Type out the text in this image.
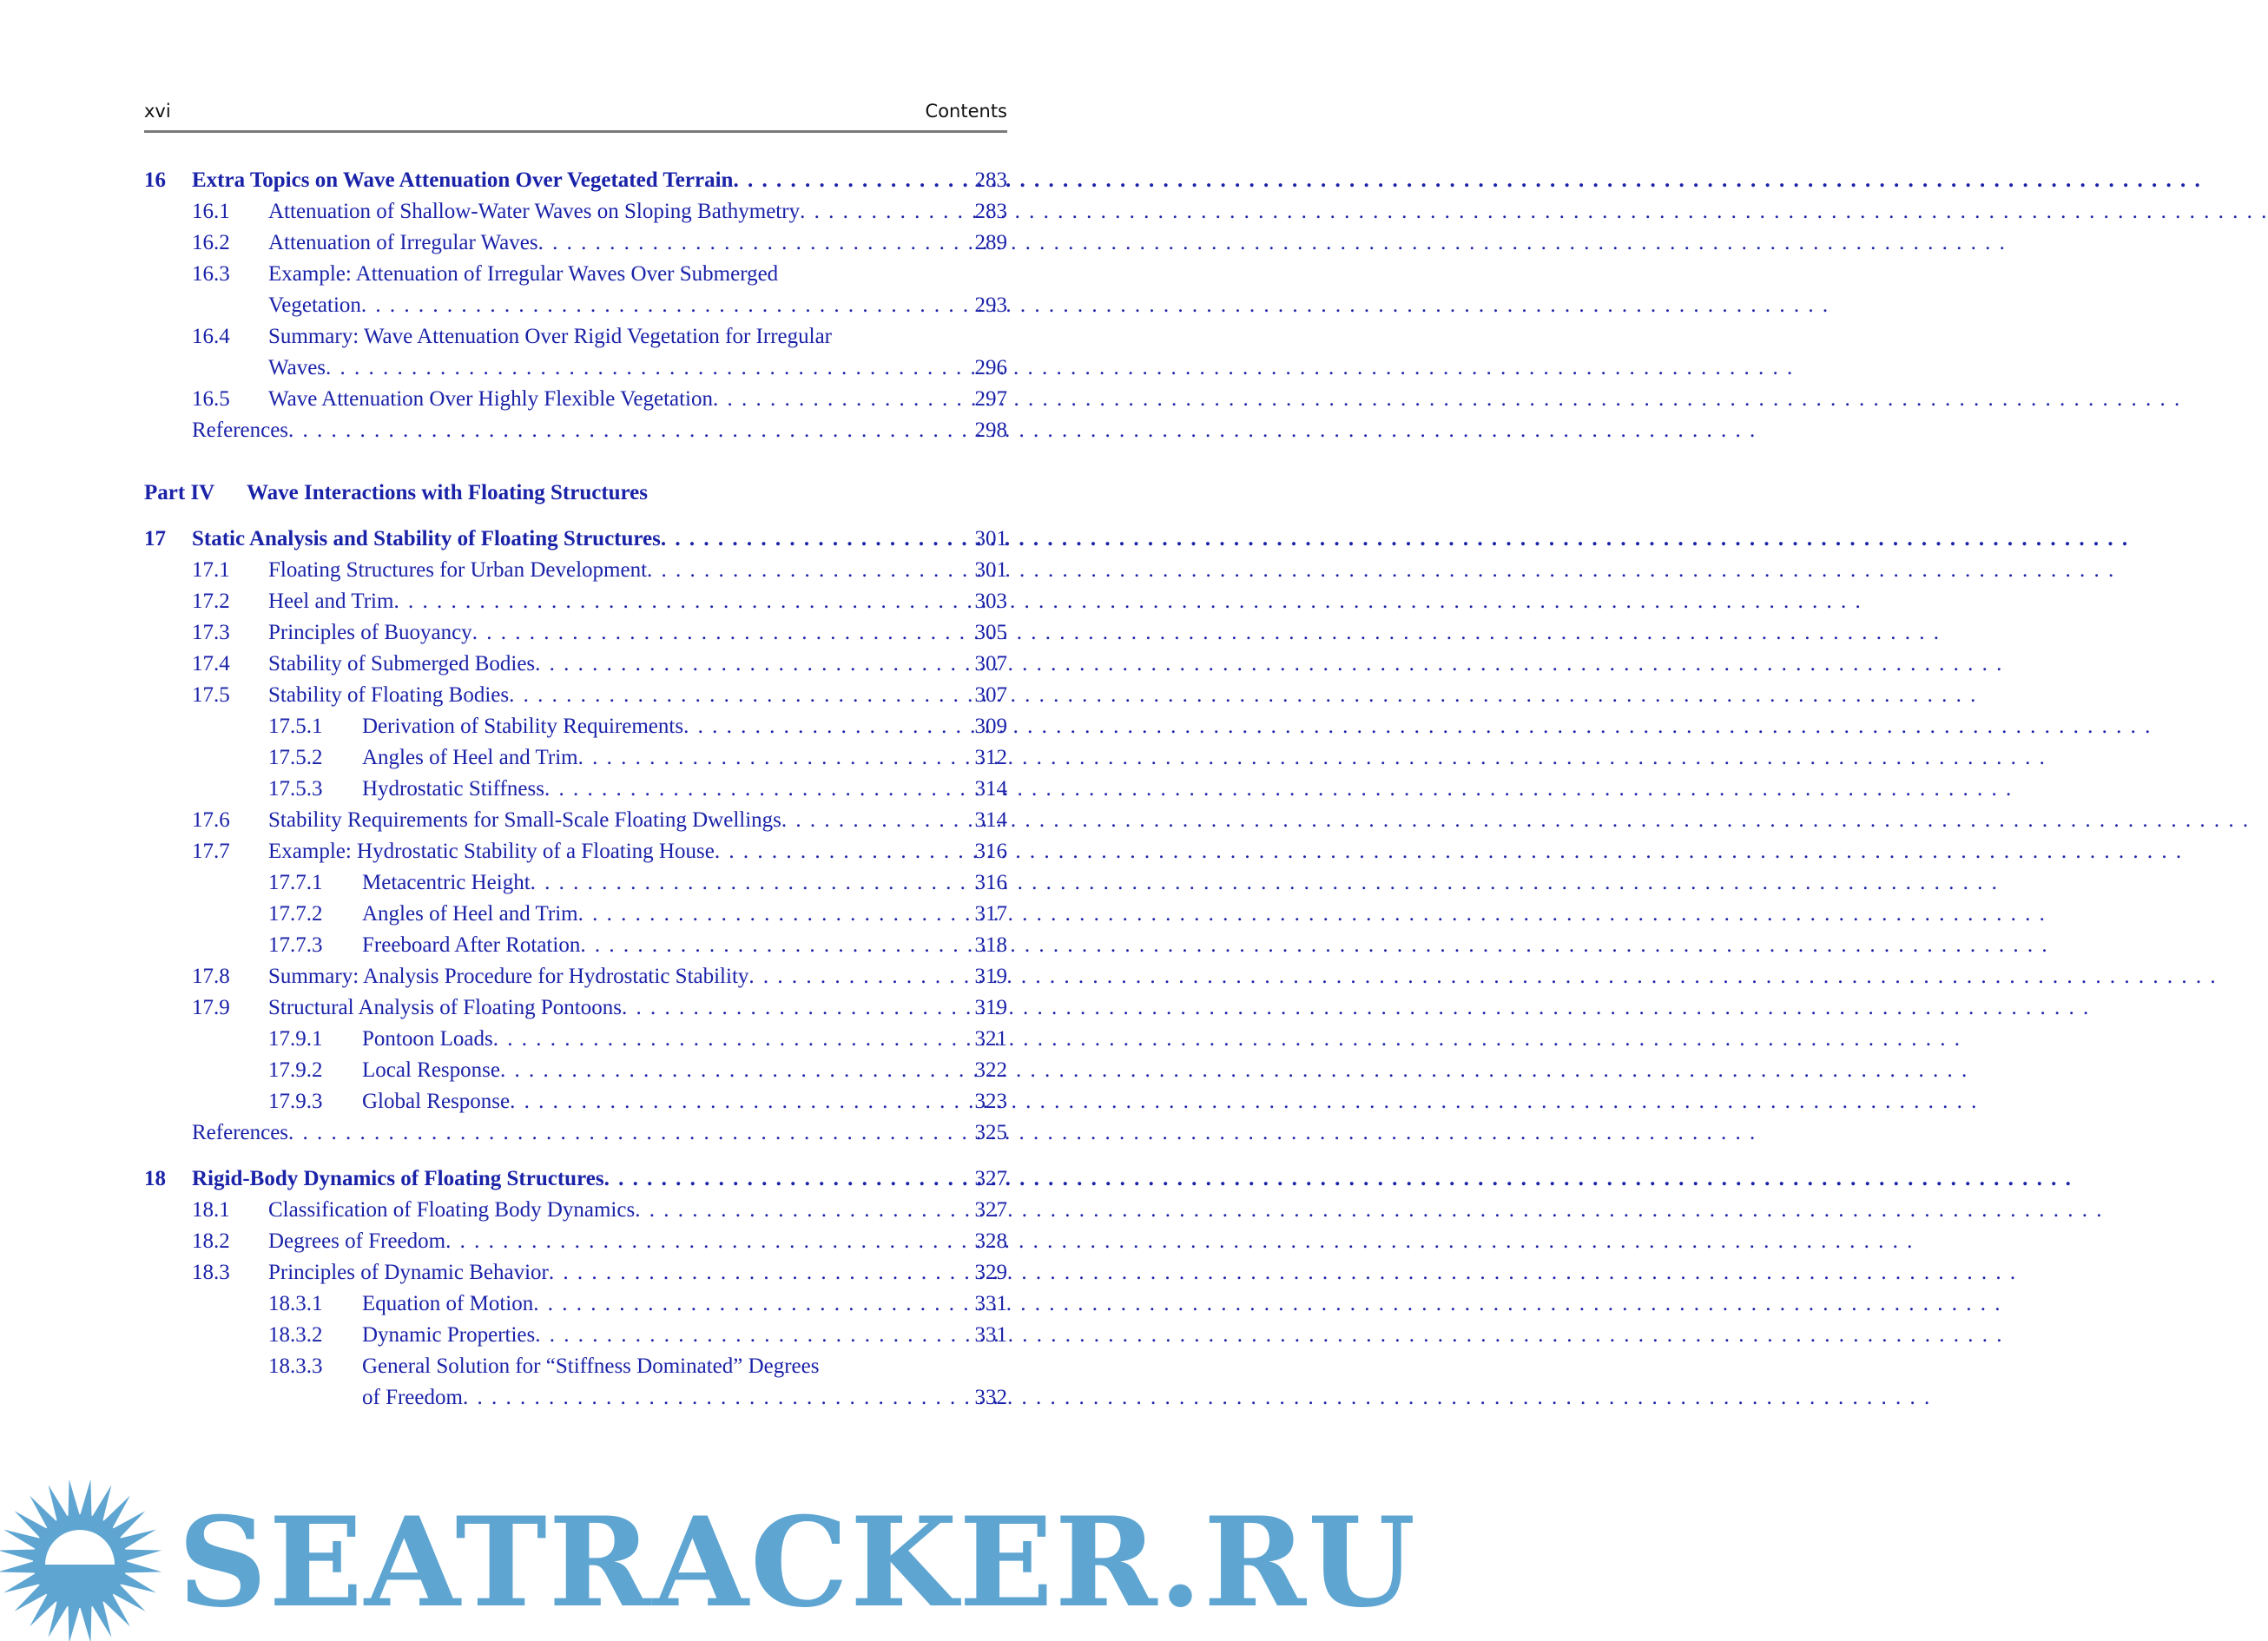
xvi	Contents
16 Extra Topics on Wave Attenuation Over Vegetated Terrain . . .	283
16.1 Attenuation of Shallow-Water Waves on Sloping Bathymetry . . .	283
16.2 Attenuation of Irregular Waves . . .	289
16.3 Example: Attenuation of Irregular Waves Over Submerged
Vegetation . . .	293
16.4 Summary: Wave Attenuation Over Rigid Vegetation for Irregular
Waves . . .	296
16.5 Wave Attenuation Over Highly Flexible Vegetation . . .	297
References . . .	298
Part IV Wave Interactions with Floating Structures
17 Static Analysis and Stability of Floating Structures . . .	301
17.1 Floating Structures for Urban Development . . .	301
17.2 Heel and Trim . . .	303
17.3 Principles of Buoyancy . . .	305
17.4 Stability of Submerged Bodies . . .	307
17.5 Stability of Floating Bodies . . .	307
17.5.1 Derivation of Stability Requirements . . .	309
17.5.2 Angles of Heel and Trim . . .	312
17.5.3 Hydrostatic Stiffness . . .	314
17.6 Stability Requirements for Small-Scale Floating Dwellings . . .	314
17.7 Example: Hydrostatic Stability of a Floating House . . .	316
17.7.1 Metacentric Height . . .	316
17.7.2 Angles of Heel and Trim . . .	317
17.7.3 Freeboard After Rotation . . .	318
17.8 Summary: Analysis Procedure for Hydrostatic Stability . . .	319
17.9 Structural Analysis of Floating Pontoons . . .	319
17.9.1 Pontoon Loads . . .	321
17.9.2 Local Response . . .	322
17.9.3 Global Response . . .	323
References . . .	325
18 Rigid-Body Dynamics of Floating Structures . . .	327
18.1 Classification of Floating Body Dynamics . . .	327
18.2 Degrees of Freedom . . .	328
18.3 Principles of Dynamic Behavior . . .	329
18.3.1 Equation of Motion . . .	331
18.3.2 Dynamic Properties . . .	331
18.3.3 General Solution for “Stiffness Dominated” Degrees
of Freedom . . .	332
SEATRACKER.RU
